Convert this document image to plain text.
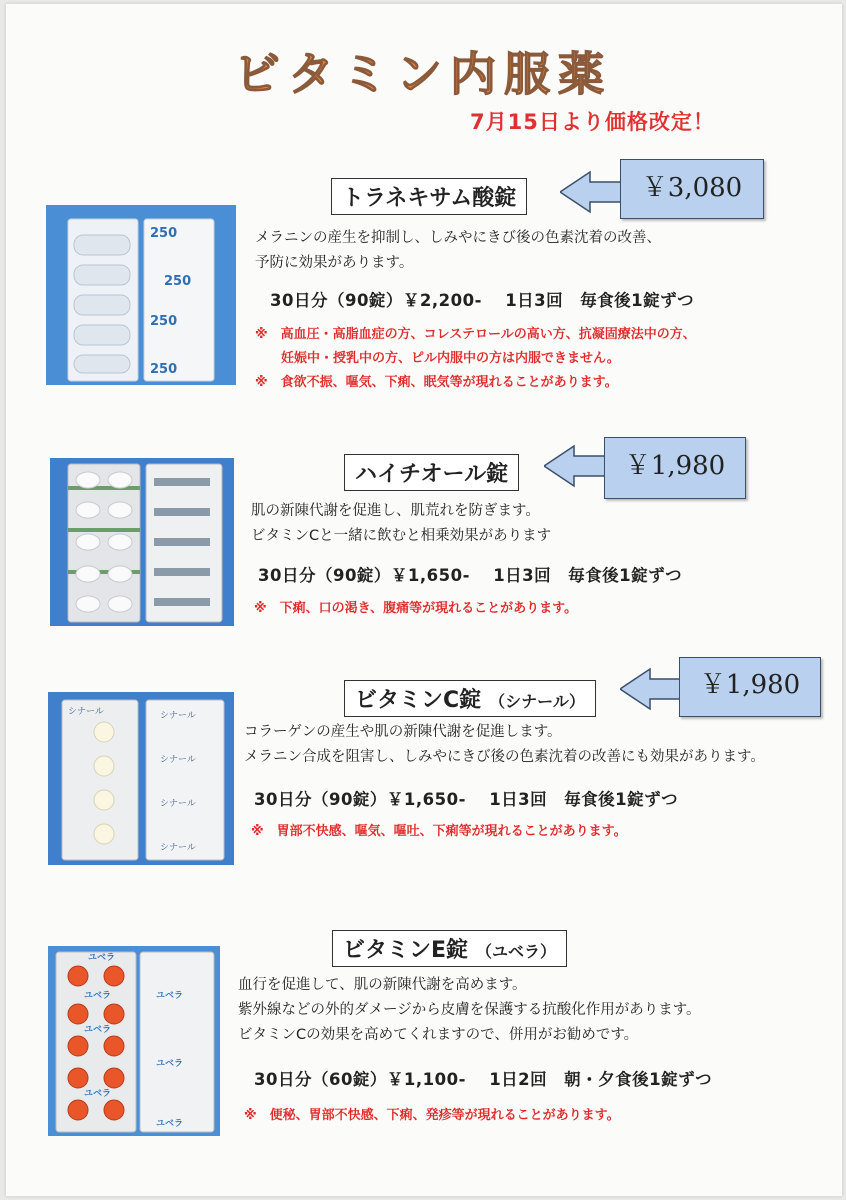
ビタミン内服薬
7月15日より価格改定！
250
250
250
250
トラネキサム酸錠	￥3,080
メラニンの産生を抑制し、しみやにきび後の色素沈着の改善、
予防に効果があります。
30日分（90錠）￥2,200-　 1日3回　毎食後1錠ずつ
※　高血圧・高脂血症の方、コレステロールの高い方、抗凝固療法中の方、
　　妊娠中・授乳中の方、ピル内服中の方は内服できません。
※　食欲不振、嘔気、下痢、眠気等が現れることがあります。
ハイチオール錠	￥1,980
肌の新陳代謝を促進し、肌荒れを防ぎます。
ビタミンCと一緒に飲むと相乗効果があります
30日分（90錠）￥1,650-　 1日3回　毎食後1錠ずつ
※　下痢、口の渇き、腹痛等が現れることがあります。
シナール	シナール
シナール
シナール
シナール
ビタミンC錠 （シナール）
￥1,980
コラーゲンの産生や肌の新陳代謝を促進します。
メラニン合成を阻害し、しみやにきび後の色素沈着の改善にも効果があります。
30日分（90錠）￥1,650-　 1日3回　毎食後1錠ずつ
※　胃部不快感、嘔気、嘔吐、下痢等が現れることがあります。
ユベラ
ユベラ
ユベラ
ユベラ
ユベラ
ユベラ
ユベラ
ビタミンE錠 （ユベラ）
血行を促進して、肌の新陳代謝を高めます。
紫外線などの外的ダメージから皮膚を保護する抗酸化作用があります。
ビタミンCの効果を高めてくれますので、併用がお勧めです。
30日分（60錠）￥1,100-　 1日2回　朝・夕食後1錠ずつ
※　便秘、胃部不快感、下痢、発疹等が現れることがあります。
